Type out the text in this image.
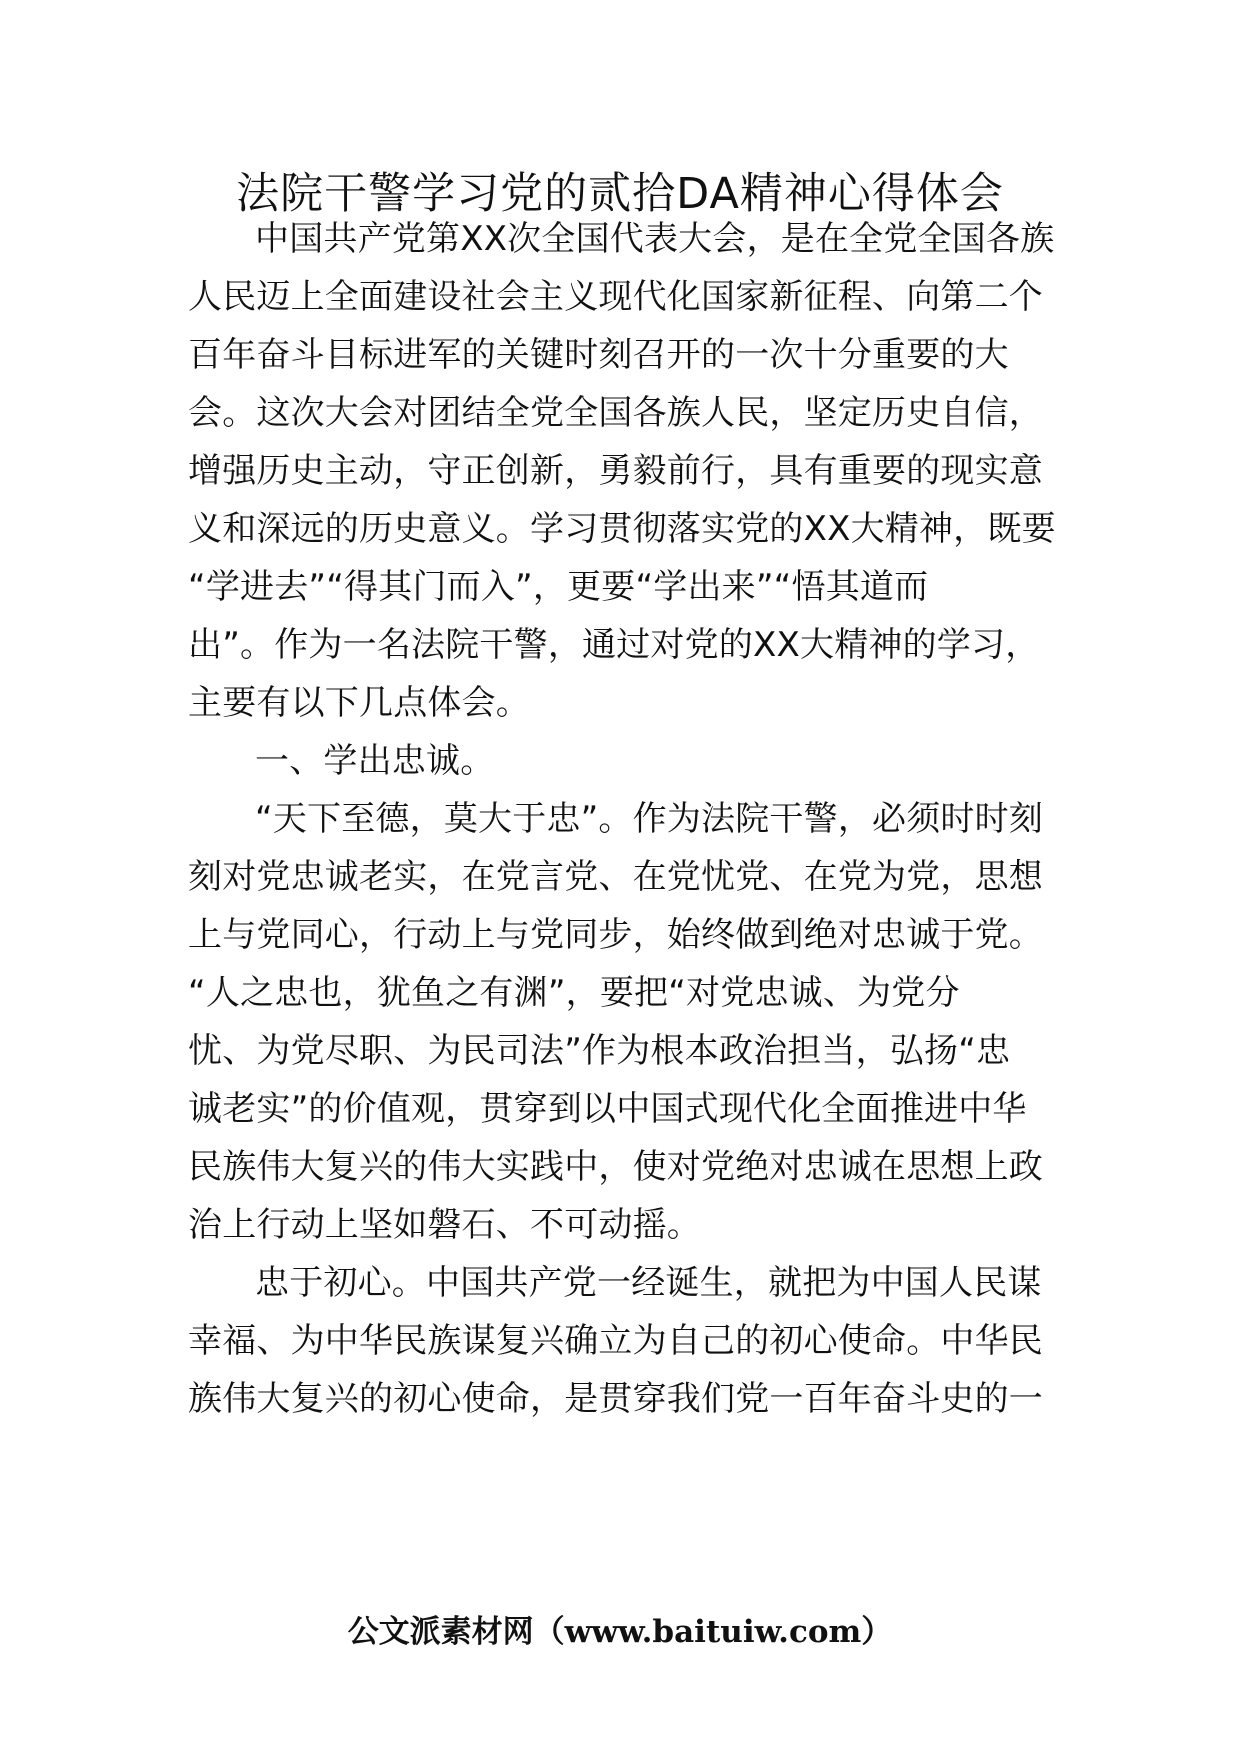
法院干警学习党的贰拾DA精神心得体会
中国共产党第XX次全国代表大会，是在全党全国各族
人民迈上全面建设社会主义现代化国家新征程、向第二个
百年奋斗目标进军的关键时刻召开的一次十分重要的大
会。这次大会对团结全党全国各族人民，坚定历史自信，
增强历史主动，守正创新，勇毅前行，具有重要的现实意
义和深远的历史意义。学习贯彻落实党的XX大精神，既要
“学进去”“得其门而入”，更要“学出来”“悟其道而
出”。作为一名法院干警，通过对党的XX大精神的学习，
主要有以下几点体会。
一、学出忠诚。
“天下至德，莫大于忠”。作为法院干警，必须时时刻
刻对党忠诚老实，在党言党、在党忧党、在党为党，思想
上与党同心，行动上与党同步，始终做到绝对忠诚于党。
“人之忠也，犹鱼之有渊”，要把“对党忠诚、为党分
忧、为党尽职、为民司法”作为根本政治担当，弘扬“忠
诚老实”的价值观，贯穿到以中国式现代化全面推进中华
民族伟大复兴的伟大实践中，使对党绝对忠诚在思想上政
治上行动上坚如磐石、不可动摇。
忠于初心。中国共产党一经诞生，就把为中国人民谋
幸福、为中华民族谋复兴确立为自己的初心使命。中华民
族伟大复兴的初心使命，是贯穿我们党一百年奋斗史的一
公文派素材网（www.baituiw.com）
